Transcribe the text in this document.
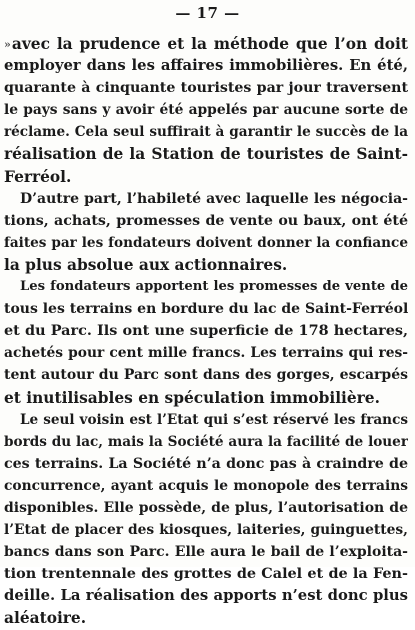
— 17 —
»avec la prudence et la méthode que l’on doit
employer dans les affaires immobilières. En été,
quarante à cinquante touristes par jour traversent
le pays sans y avoir été appelés par aucune sorte de
réclame. Cela seul suffirait à garantir le succès de la
réalisation de la Station de touristes de Saint-
Ferréol.
D’autre part, l’habileté avec laquelle les négocia-
tions, achats, promesses de vente ou baux, ont été
faites par les fondateurs doivent donner la confiance
la plus absolue aux actionnaires.
Les fondateurs apportent les promesses de vente de
tous les terrains en bordure du lac de Saint-Ferréol
et du Parc. Ils ont une superficie de 178 hectares,
achetés pour cent mille francs. Les terrains qui res-
tent autour du Parc sont dans des gorges, escarpés
et inutilisables en spéculation immobilière.
Le seul voisin est l’Etat qui s’est réservé les francs
bords du lac, mais la Société aura la facilité de louer
ces terrains. La Société n’a donc pas à craindre de
concurrence, ayant acquis le monopole des terrains
disponibles. Elle possède, de plus, l’autorisation de
l’Etat de placer des kiosques, laiteries, guinguettes,
bancs dans son Parc. Elle aura le bail de l’exploita-
tion trentennale des grottes de Calel et de la Fen-
deille. La réalisation des apports n’est donc plus
aléatoire.
